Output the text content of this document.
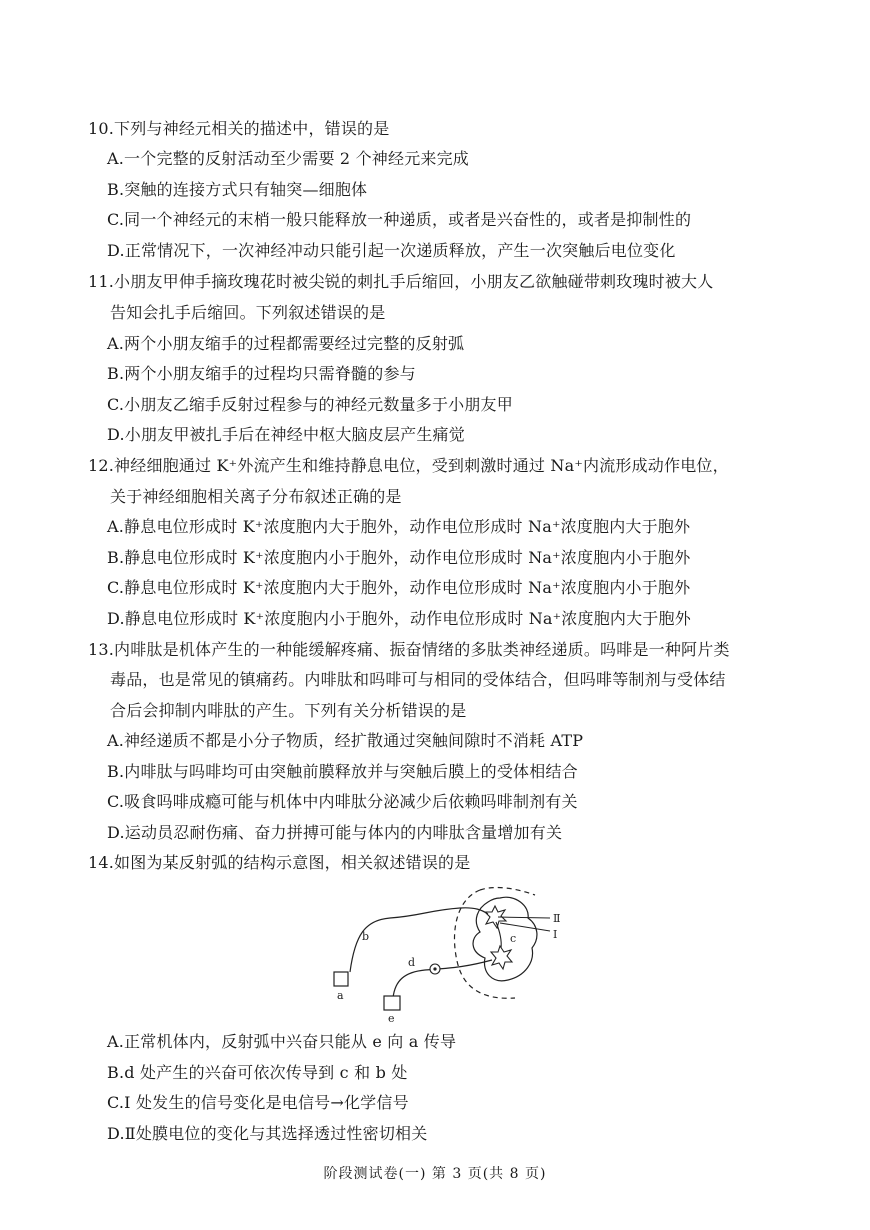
10.下列与神经元相关的描述中，错误的是
A.一个完整的反射活动至少需要 2 个神经元来完成
B.突触的连接方式只有轴突—细胞体
C.同一个神经元的末梢一般只能释放一种递质，或者是兴奋性的，或者是抑制性的
D.正常情况下，一次神经冲动只能引起一次递质释放，产生一次突触后电位变化
11.小朋友甲伸手摘玫瑰花时被尖锐的刺扎手后缩回，小朋友乙欲触碰带刺玫瑰时被大人
告知会扎手后缩回。下列叙述错误的是
A.两个小朋友缩手的过程都需要经过完整的反射弧
B.两个小朋友缩手的过程均只需脊髓的参与
C.小朋友乙缩手反射过程参与的神经元数量多于小朋友甲
D.小朋友甲被扎手后在神经中枢大脑皮层产生痛觉
12.神经细胞通过 K⁺外流产生和维持静息电位，受到刺激时通过 Na⁺内流形成动作电位，
关于神经细胞相关离子分布叙述正确的是
A.静息电位形成时 K⁺浓度胞内大于胞外，动作电位形成时 Na⁺浓度胞内大于胞外
B.静息电位形成时 K⁺浓度胞内小于胞外，动作电位形成时 Na⁺浓度胞内小于胞外
C.静息电位形成时 K⁺浓度胞内大于胞外，动作电位形成时 Na⁺浓度胞内小于胞外
D.静息电位形成时 K⁺浓度胞内小于胞外，动作电位形成时 Na⁺浓度胞内大于胞外
13.内啡肽是机体产生的一种能缓解疼痛、振奋情绪的多肽类神经递质。吗啡是一种阿片类
毒品，也是常见的镇痛药。内啡肽和吗啡可与相同的受体结合，但吗啡等制剂与受体结
合后会抑制内啡肽的产生。下列有关分析错误的是
A.神经递质不都是小分子物质，经扩散通过突触间隙时不消耗 ATP
B.内啡肽与吗啡均可由突触前膜释放并与突触后膜上的受体相结合
C.吸食吗啡成瘾可能与机体中内啡肽分泌减少后依赖吗啡制剂有关
D.运动员忍耐伤痛、奋力拼搏可能与体内的内啡肽含量增加有关
14.如图为某反射弧的结构示意图，相关叙述错误的是
a
b	c
d
e
Ⅱ
I
A.正常机体内，反射弧中兴奋只能从 e 向 a 传导
B.d 处产生的兴奋可依次传导到 c 和 b 处
C.I 处发生的信号变化是电信号→化学信号
D.Ⅱ处膜电位的变化与其选择透过性密切相关
阶段测试卷(一) 第 3 页(共 8 页)
